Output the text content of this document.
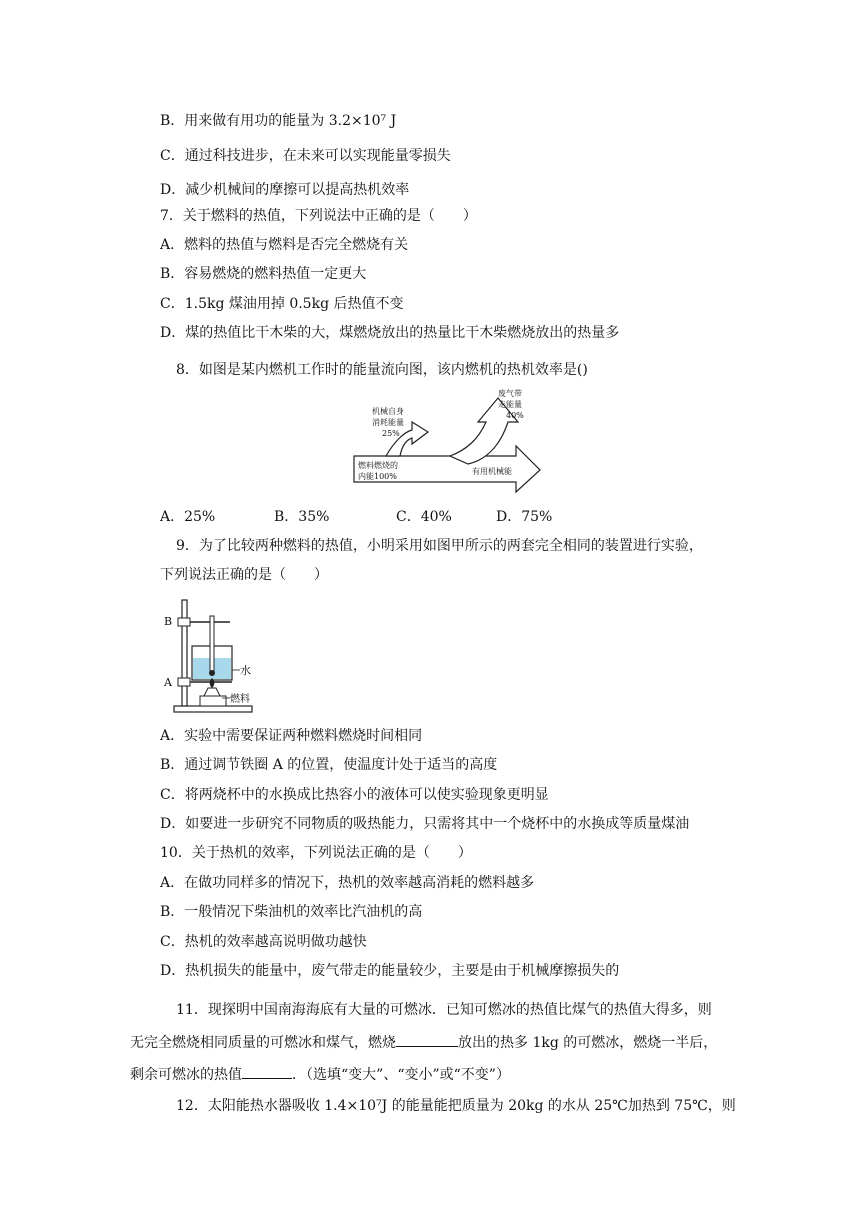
B．用来做有用功的能量为 3.2×10⁷ J
C．通过科技进步，在未来可以实现能量零损失
D．减少机械间的摩擦可以提高热机效率
7．关于燃料的热值，下列说法中正确的是（　　）
A．燃料的热值与燃料是否完全燃烧有关
B．容易燃烧的燃料热值一定更大
C．1.5kg 煤油用掉 0.5kg 后热值不变
D．煤的热值比干木柴的大，煤燃烧放出的热量比干木柴燃烧放出的热量多
8．如图是某内燃机工作时的能量流向图，该内燃机的热机效率是()
机械自身
消耗能量
25%
废气带
走能量
40%
燃料燃烧的
内能100%
有用机械能
A．25%	B．35%	C．40%	D．75%
9．为了比较两种燃料的热值，小明采用如图甲所示的两套完全相同的装置进行实验，
下列说法正确的是（　　）
B
A
水
燃料
A．实验中需要保证两种燃料燃烧时间相同
B．通过调节铁圈 A 的位置，使温度计处于适当的高度
C．将两烧杯中的水换成比热容小的液体可以使实验现象更明显
D．如要进一步研究不同物质的吸热能力，只需将其中一个烧杯中的水换成等质量煤油
10．关于热机的效率，下列说法正确的是（　　）
A．在做功同样多的情况下，热机的效率越高消耗的燃料越多
B．一般情况下柴油机的效率比汽油机的高
C．热机的效率越高说明做功越快
D．热机损失的能量中，废气带走的能量较少，主要是由于机械摩擦损失的
11．现探明中国南海海底有大量的可燃冰．已知可燃冰的热值比煤气的热值大得多，则
无完全燃烧相同质量的可燃冰和煤气，燃烧	放出的热多 1kg 的可燃冰，燃烧一半后，
剩余可燃冰的热值	．（选填“变大”、“变小”或“不变”）
12．太阳能热水器吸收 1.4×10⁷J 的能量能把质量为 20kg 的水从 25℃加热到 75℃，则
